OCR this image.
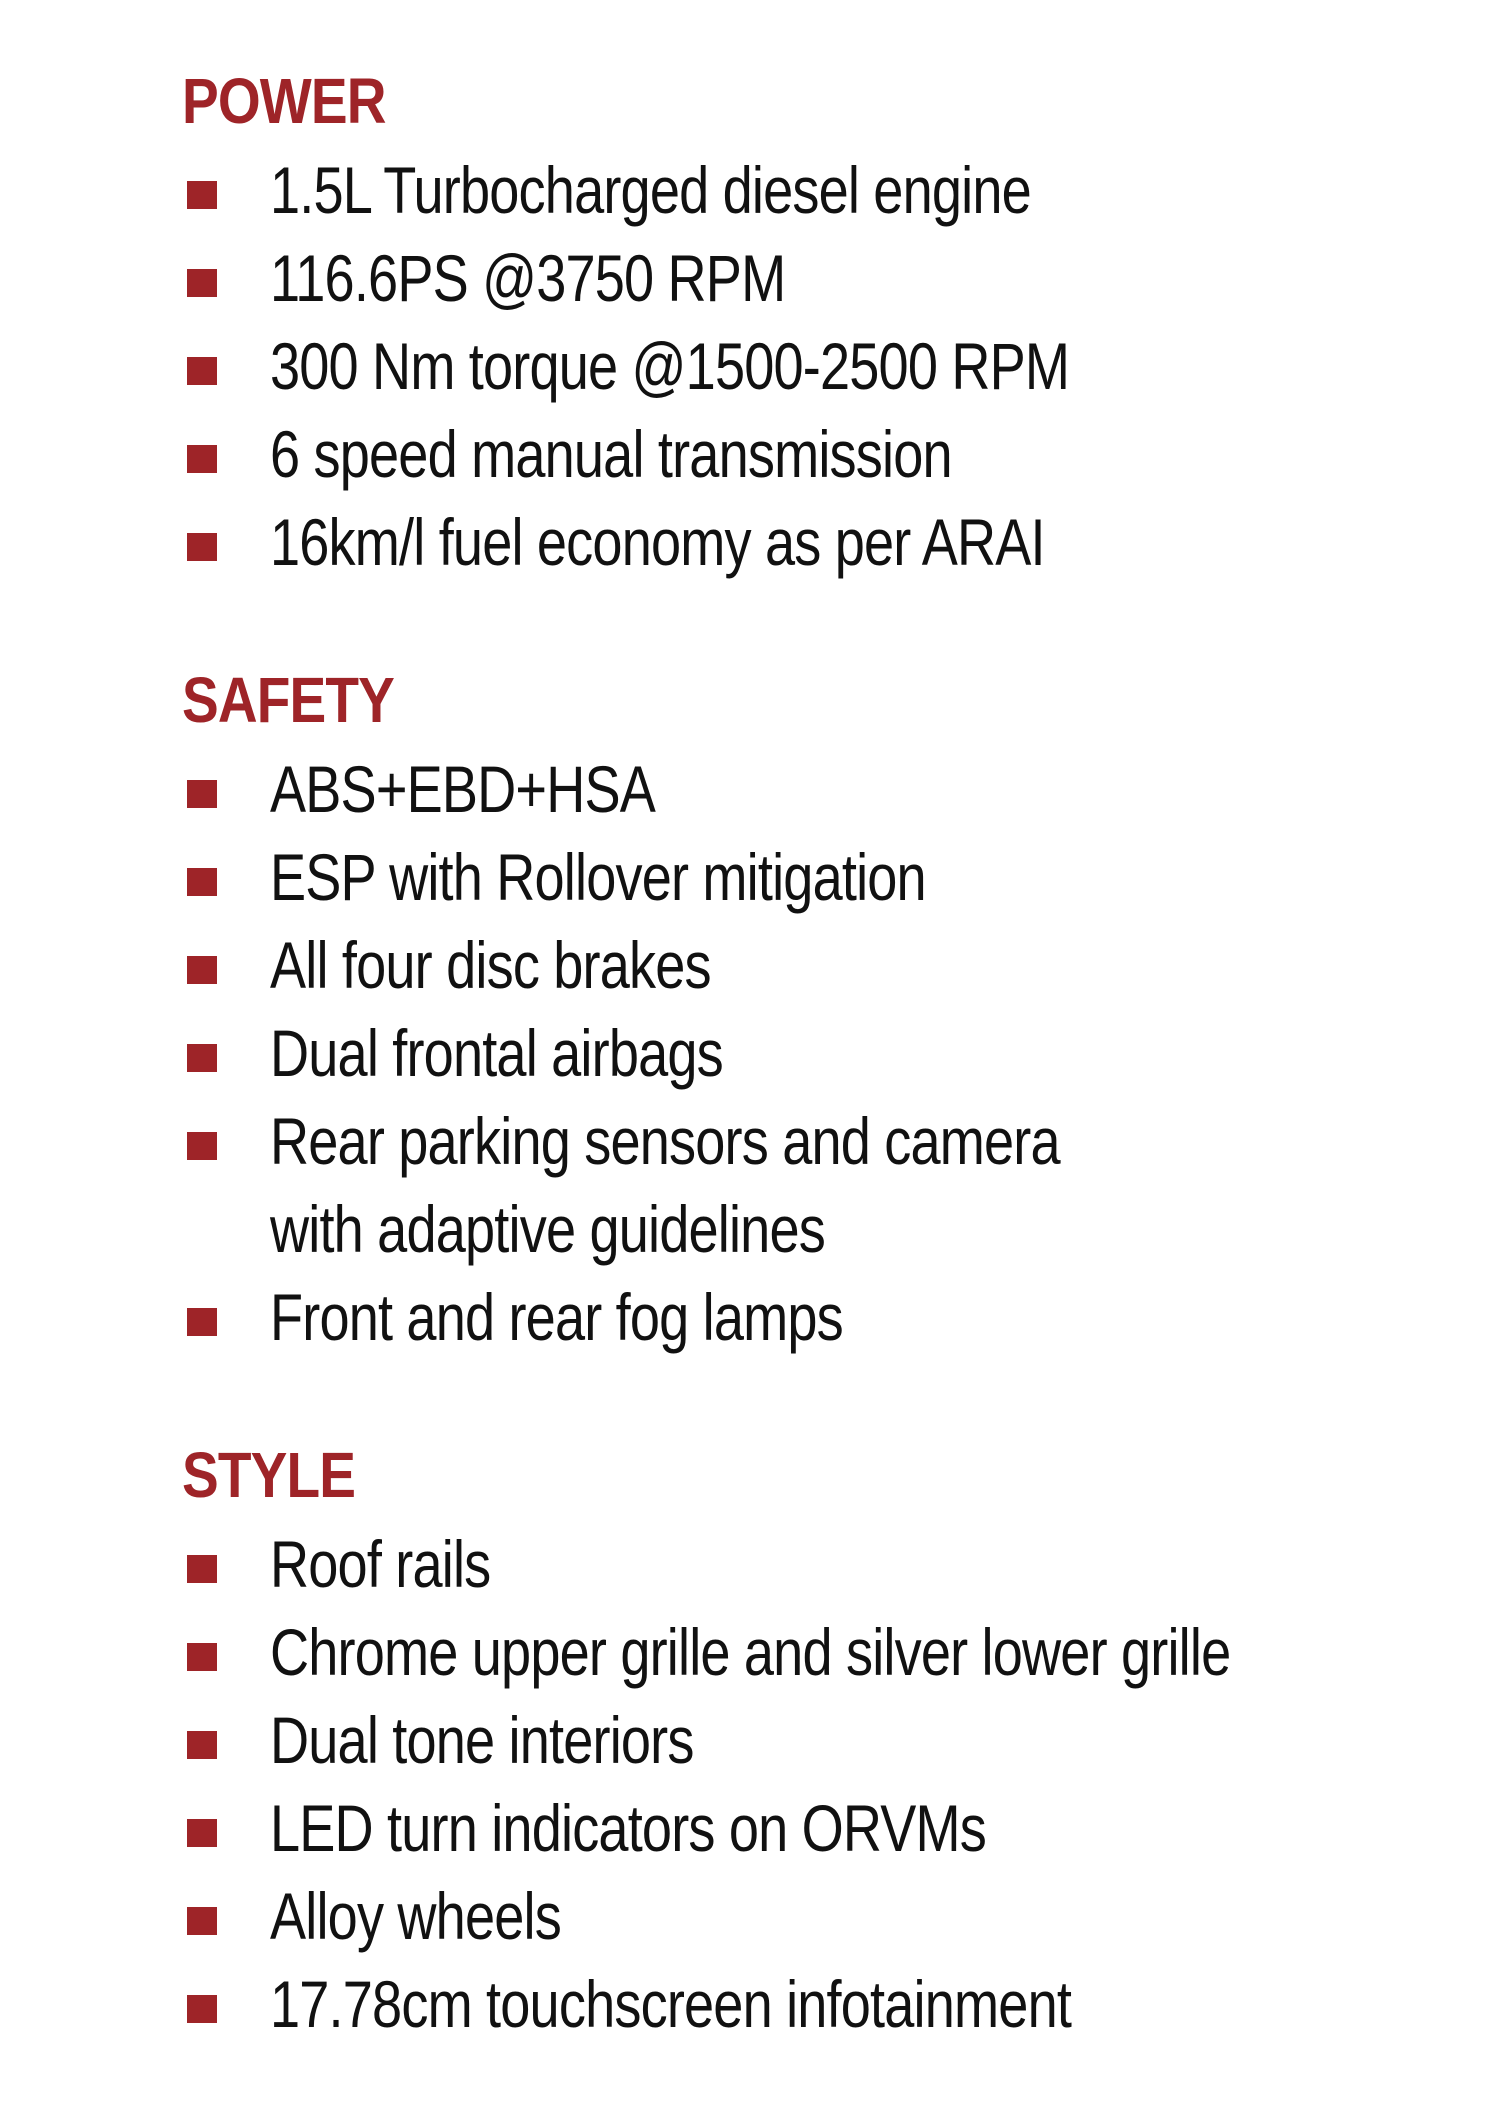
POWER
1.5L Turbocharged diesel engine
116.6PS @3750 RPM
300 Nm torque @1500-2500 RPM
6 speed manual transmission
16km/l fuel economy as per ARAI
SAFETY
ABS+EBD+HSA
ESP with Rollover mitigation
All four disc brakes
Dual frontal airbags
Rear parking sensors and camera
with adaptive guidelines
Front and rear fog lamps
STYLE
Roof rails
Chrome upper grille and silver lower grille
Dual tone interiors
LED turn indicators on ORVMs
Alloy wheels
17.78cm touchscreen infotainment
